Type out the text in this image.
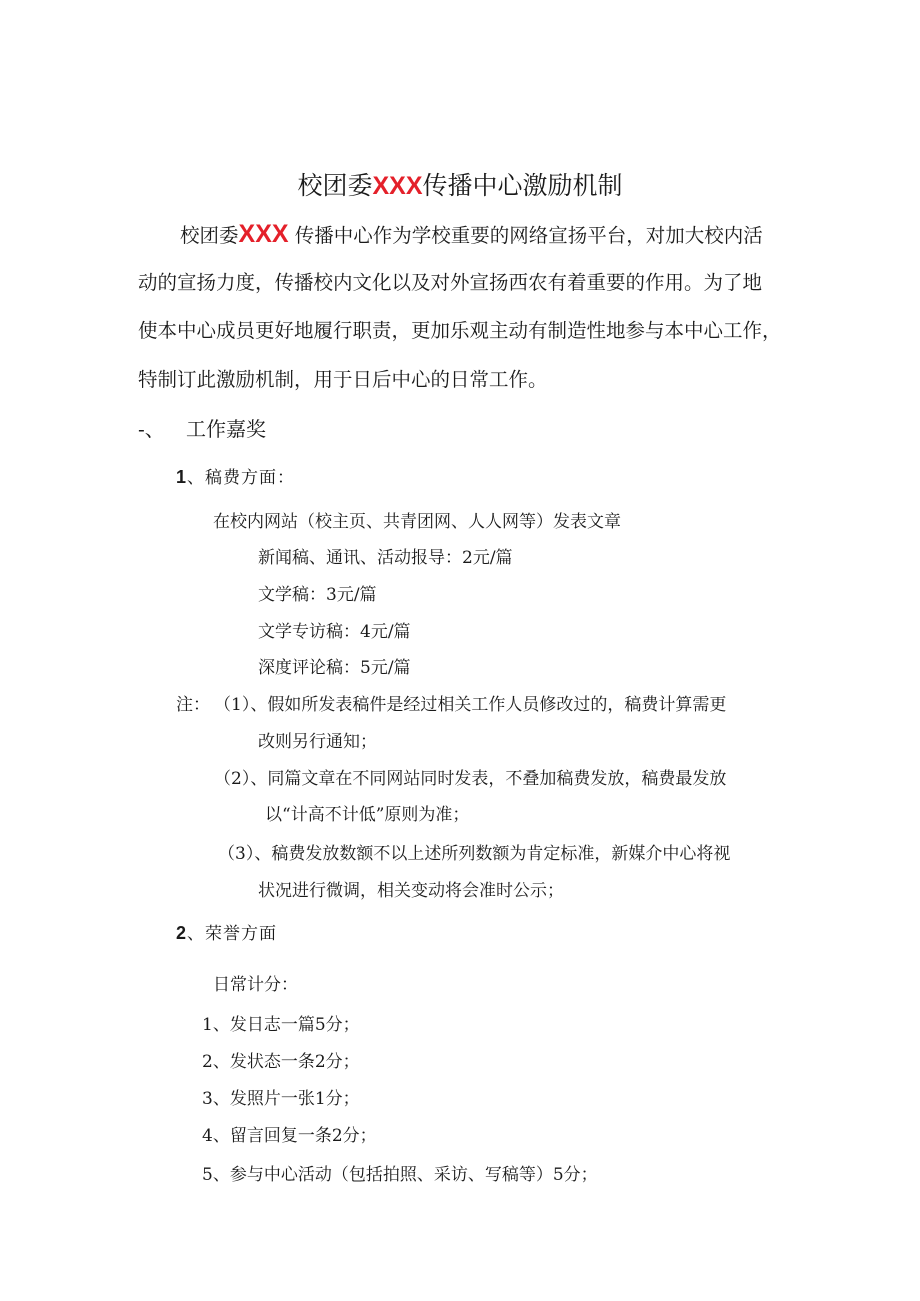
校团委XXX传播中心激励机制
校团委XXX 传播中心作为学校重要的网络宣扬平台，对加大校内活
动的宣扬力度，传播校内文化以及对外宣扬西农有着重要的作用。为了地
使本中心成员更好地履行职责，更加乐观主动有制造性地参与本中心工作，
特制订此激励机制，用于日后中心的日常工作。
-、 工作嘉奖
1、稿费方面：
在校内网站（校主页、共青团网、人人网等）发表文章
新闻稿、通讯、活动报导：2元/篇
文学稿：3元/篇
文学专访稿：4元/篇
深度评论稿：5元/篇
注： （1）、假如所发表稿件是经过相关工作人员修改过的，稿费计算需更
改则另行通知；
（2）、同篇文章在不同网站同时发表，不叠加稿费发放，稿费最发放
以“计高不计低”原则为准；
（3）、稿费发放数额不以上述所列数额为肯定标准，新媒介中心将视
状况进行微调，相关变动将会准时公示；
2、荣誉方面
日常计分：
1、发日志一篇5分；
2、发状态一条2分；
3、发照片一张1分；
4、留言回复一条2分；
5、参与中心活动（包括拍照、采访、写稿等）5分；
